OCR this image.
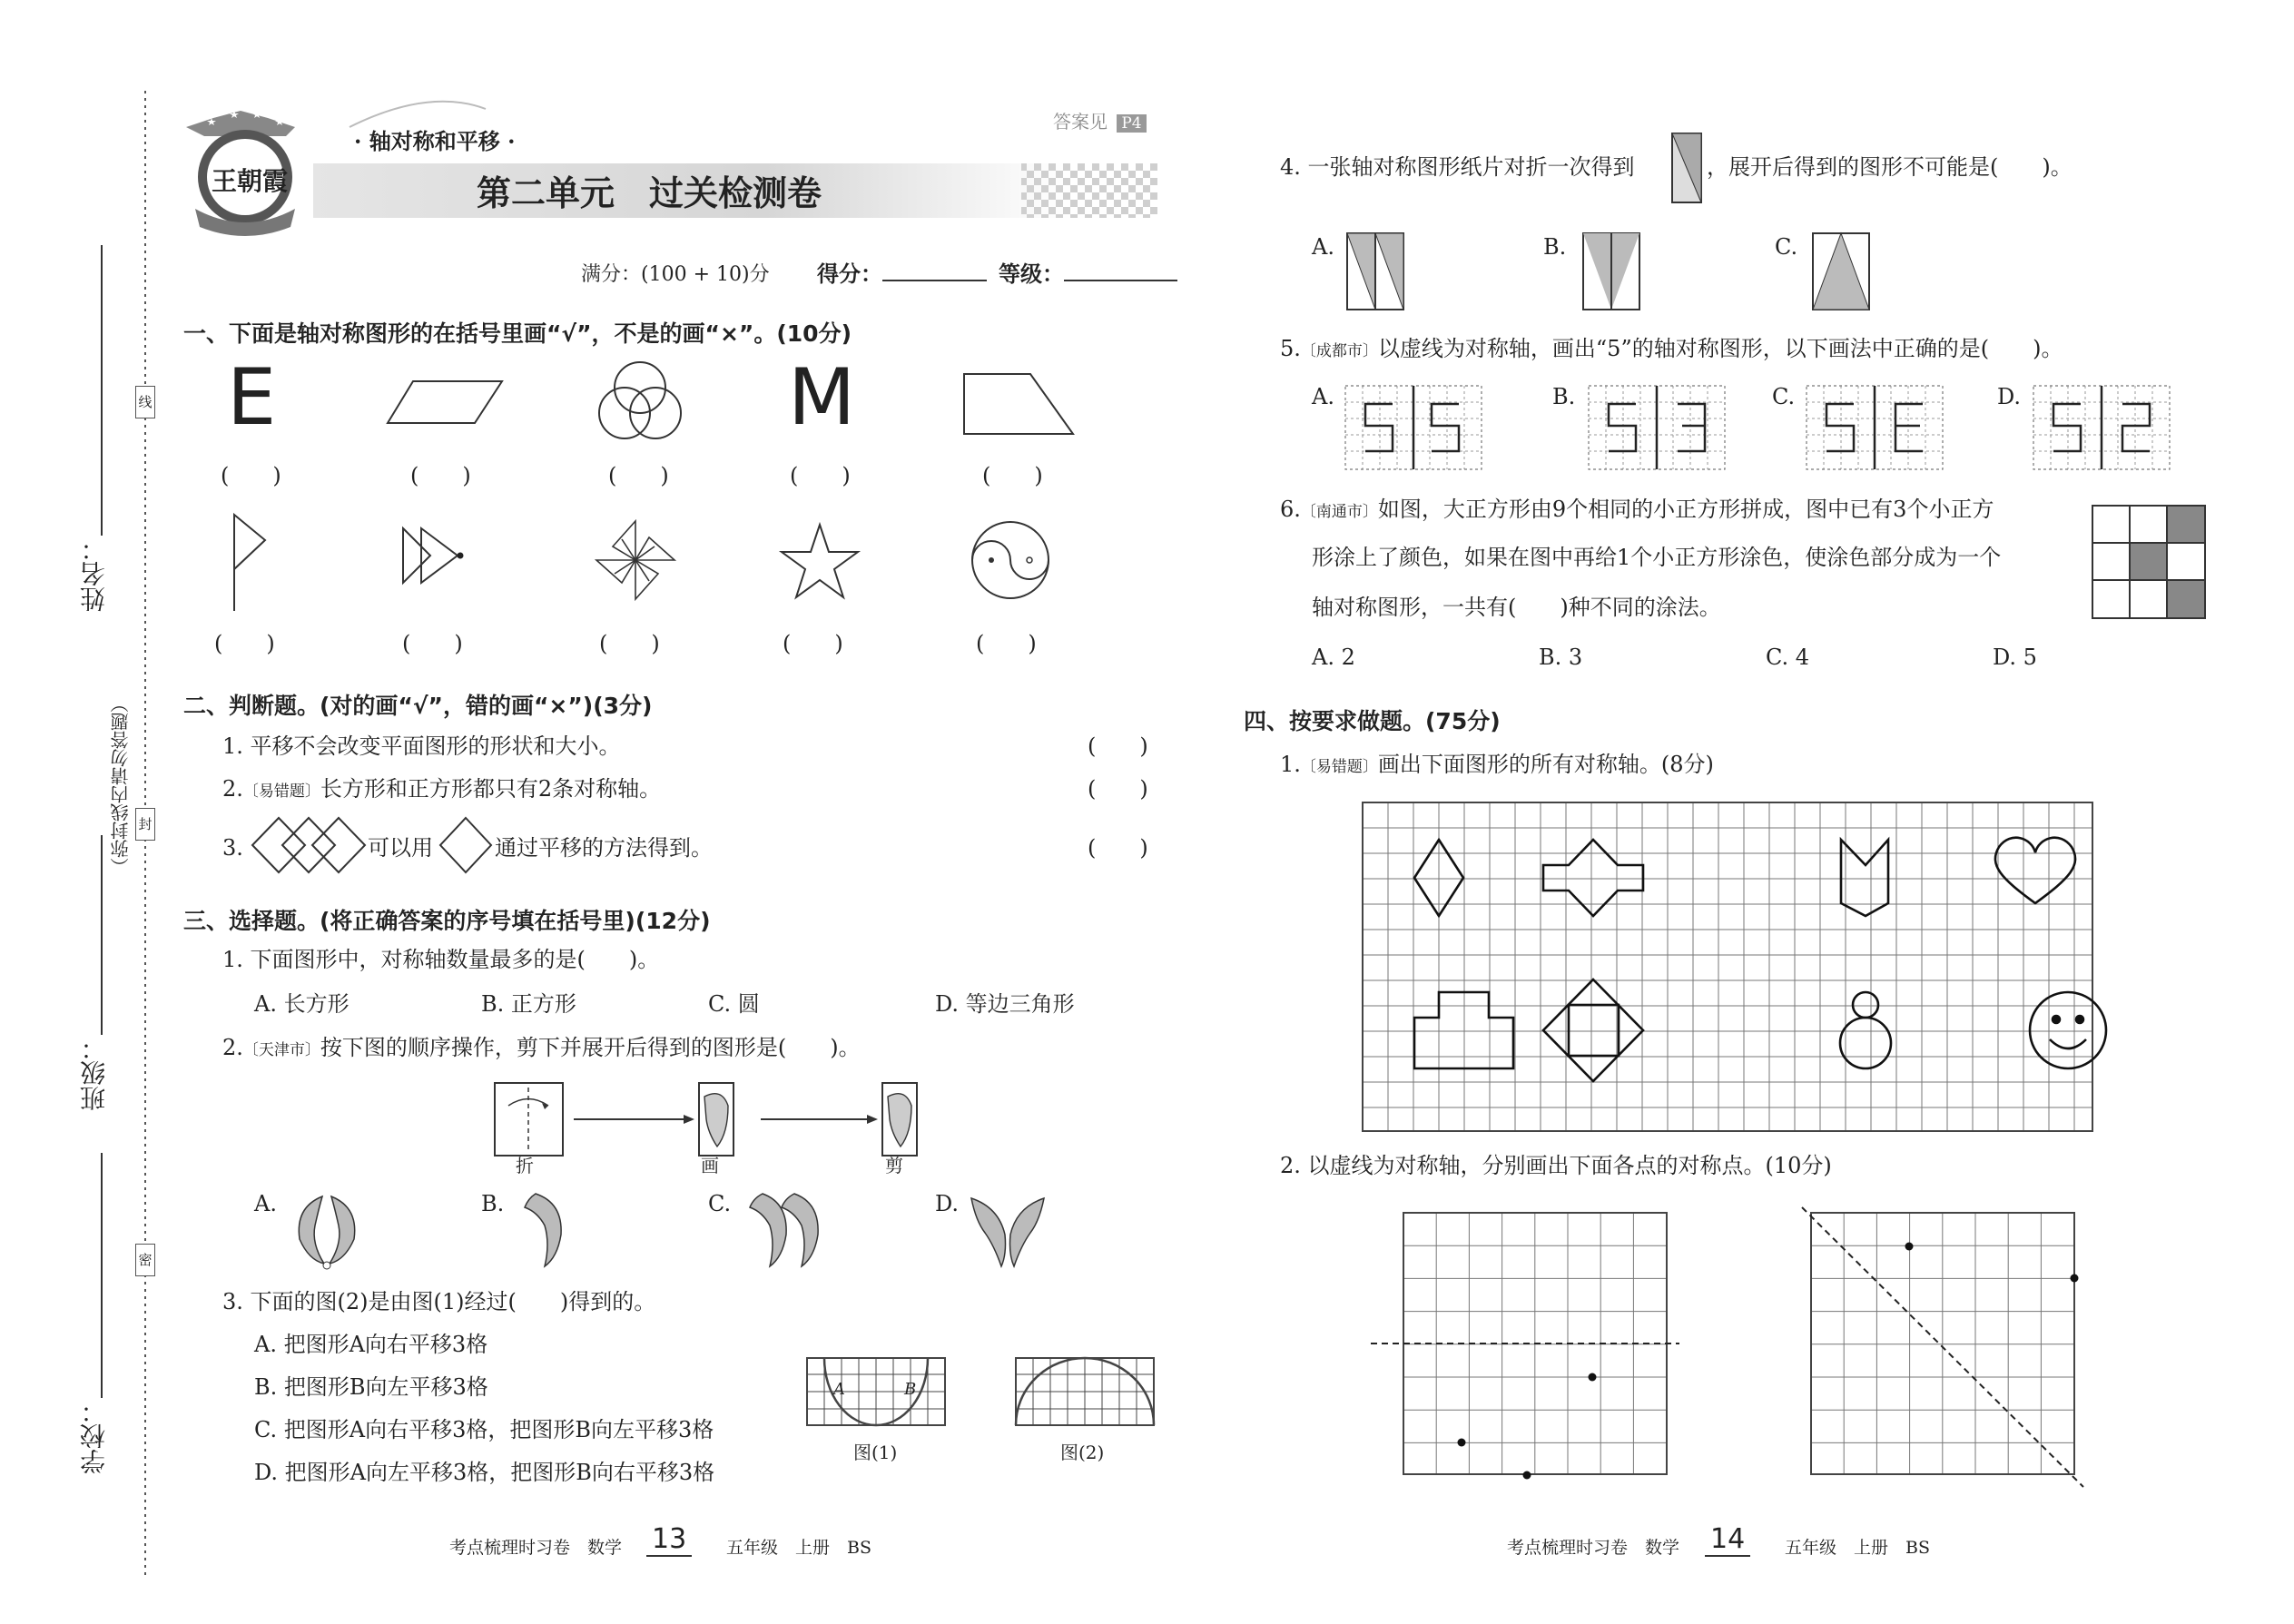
姓名：
班级：
学校：
（弥封线内请勿答题）
线
封
密
王朝霞
· 轴对称和平移 ·
第二单元　过关检测卷
答案见 P4
满分：(100 + 10)分 得分：	等级：
一、下面是轴对称图形的在括号里画“√”，不是的画“×”。(10分)
E	M
(　　)	(　　)	(　　)	(　　)	(　　)
(　　)	(　　)	(　　)	(　　)	(　　)
二、判断题。(对的画“√”，错的画“×”)(3分)
1. 平移不会改变平面图形的形状和大小。	(　　)
2.〔易错题〕长方形和正方形都只有2条对称轴。	(　　)
3.	可以用	通过平移的方法得到。	(　　)
三、选择题。(将正确答案的序号填在括号里)(12分)
1. 下面图形中，对称轴数量最多的是(　　)。
A. 长方形	B. 正方形	C. 圆	D. 等边三角形
2.〔天津市〕按下图的顺序操作，剪下并展开后得到的图形是(　　)。
折	画	剪
A.	B.	C.	D.
3. 下面的图(2)是由图(1)经过(　　)得到的。
A. 把图形A向右平移3格
B. 把图形B向左平移3格
C. 把图形A向右平移3格，把图形B向左平移3格
D. 把图形A向左平移3格，把图形B向右平移3格
A	B
图(1)	图(2)
考点梳理时习卷　数学 13	五年级　上册　BS
4. 一张轴对称图形纸片对折一次得到	，展开后得到的图形不可能是(　　)。
A.	B.	C.
5.〔成都市〕以虚线为对称轴，画出“5”的轴对称图形，以下画法中正确的是(　　)。
A.	B.	C.	D.
6.〔南通市〕如图，大正方形由9个相同的小正方形拼成，图中已有3个小正方
形涂上了颜色，如果在图中再给1个小正方形涂色，使涂色部分成为一个
轴对称图形，一共有(　　)种不同的涂法。
A. 2	B. 3	C. 4	D. 5
四、按要求做题。(75分)
1.〔易错题〕画出下面图形的所有对称轴。(8分)
2. 以虚线为对称轴，分别画出下面各点的对称点。(10分)
考点梳理时习卷　数学 14	五年级　上册　BS
